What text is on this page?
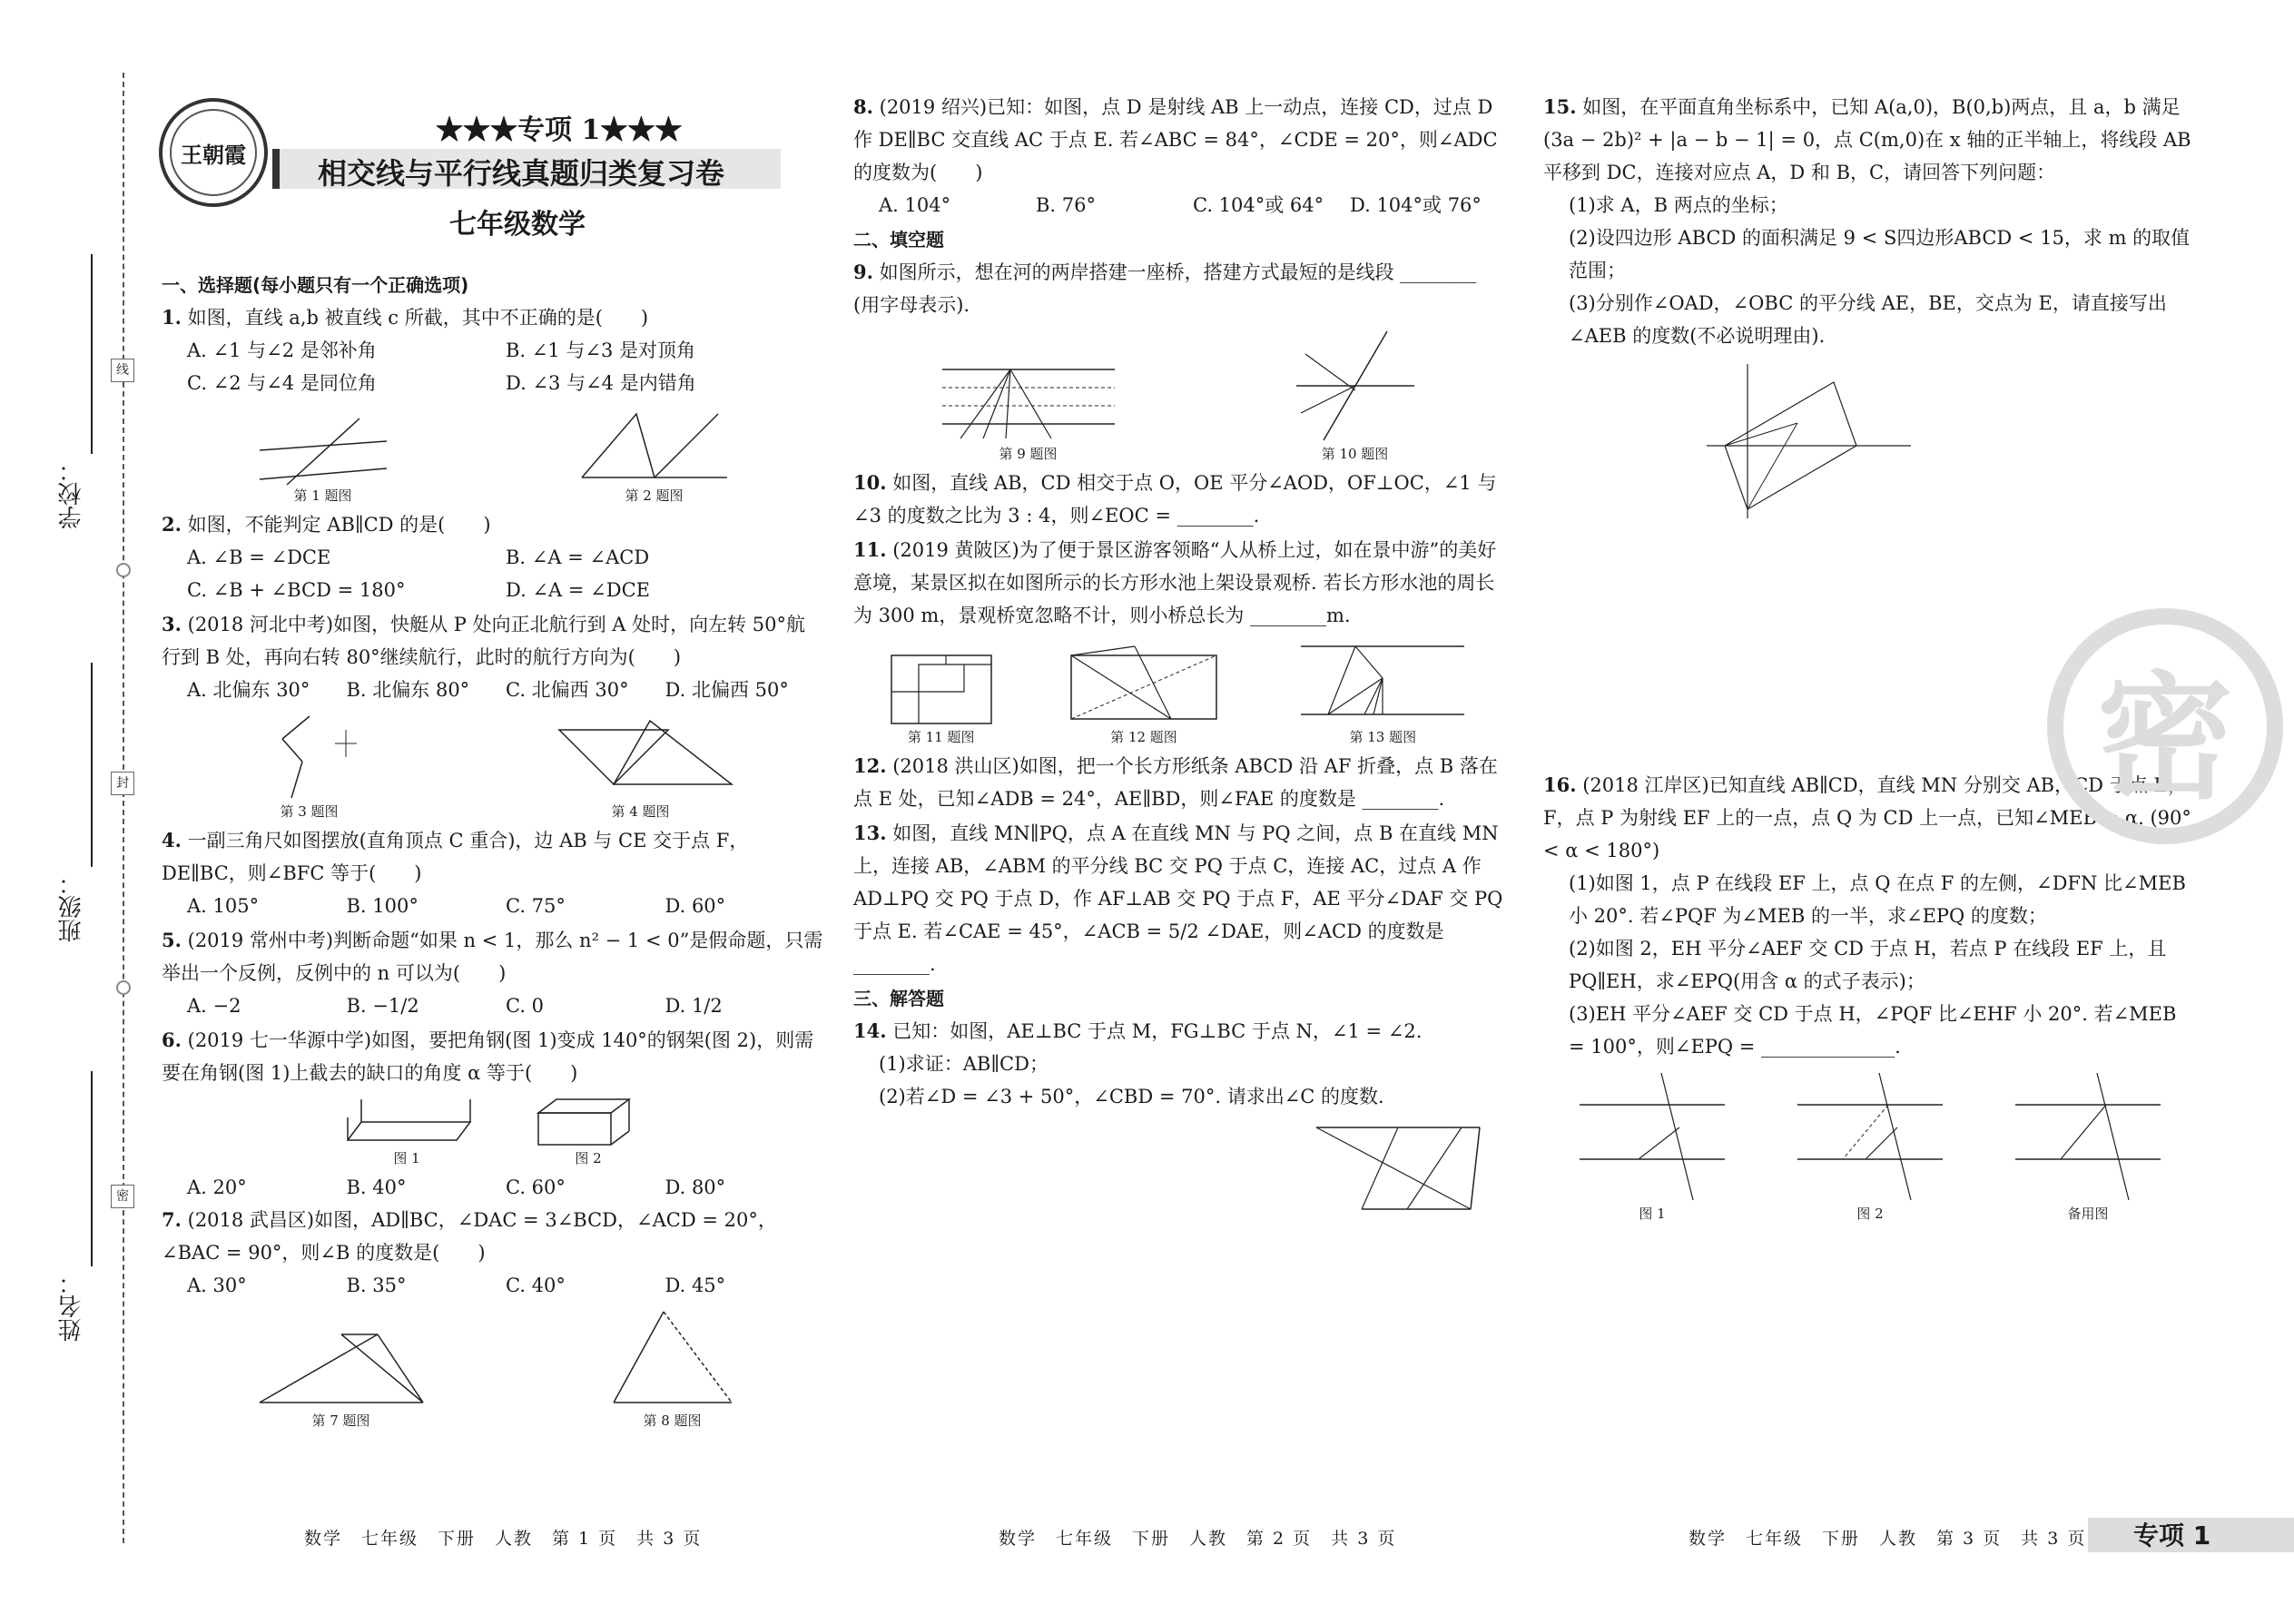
线
封
密
学校：
班级：
姓名：
王朝霞
★★★专项 1★★★
相交线与平行线真题归类复习卷
七年级数学
一、选择题(每小题只有一个正确选项)
1. 如图，直线 a,b 被直线 c 所截，其中不正确的是(　　)
A. ∠1 与∠2 是邻补角	B. ∠1 与∠3 是对顶角
C. ∠2 与∠4 是同位角	D. ∠3 与∠4 是内错角
第 1 题图	第 2 题图
2. 如图，不能判定 AB∥CD 的是(　　)
A. ∠B = ∠DCE	B. ∠A = ∠ACD
C. ∠B + ∠BCD = 180°	D. ∠A = ∠DCE
3. (2018 河北中考)如图，快艇从 P 处向正北航行到 A 处时，向左转 50°航行到 B 处，再向右转 80°继续航行，此时的航行方向为(　　)
A. 北偏东 30°	B. 北偏东 80°	C. 北偏西 30°	D. 北偏西 50°
第 3 题图	第 4 题图
4. 一副三角尺如图摆放(直角顶点 C 重合)，边 AB 与 CE 交于点 F，DE∥BC，则∠BFC 等于(　　)
A. 105°	B. 100°	C. 75°	D. 60°
5. (2019 常州中考)判断命题“如果 n < 1，那么 n² − 1 < 0”是假命题，只需举出一个反例，反例中的 n 可以为(　　)
A. −2	B. −1/2	C. 0	D. 1/2
6. (2019 七一华源中学)如图，要把角钢(图 1)变成 140°的钢架(图 2)，则需要在角钢(图 1)上截去的缺口的角度 α 等于(　　)
图 1	图 2
A. 20°	B. 40°	C. 60°	D. 80°
7. (2018 武昌区)如图，AD∥BC，∠DAC = 3∠BCD，∠ACD = 20°，∠BAC = 90°，则∠B 的度数是(　　)
A. 30°	B. 35°	C. 40°	D. 45°
第 7 题图	第 8 题图
8. (2019 绍兴)已知：如图，点 D 是射线 AB 上一动点，连接 CD，过点 D 作 DE∥BC 交直线 AC 于点 E. 若∠ABC = 84°，∠CDE = 20°，则∠ADC 的度数为(　　)
A. 104°	B. 76°	C. 104°或 64°	D. 104°或 76°
二、填空题
9. 如图所示，想在河的两岸搭建一座桥，搭建方式最短的是线段 ________ (用字母表示).
第 9 题图	第 10 题图
10. 如图，直线 AB，CD 相交于点 O，OE 平分∠AOD，OF⊥OC，∠1 与∠3 的度数之比为 3 : 4，则∠EOC = ________.
11. (2019 黄陂区)为了便于景区游客领略“人从桥上过，如在景中游”的美好意境，某景区拟在如图所示的长方形水池上架设景观桥. 若长方形水池的周长为 300 m，景观桥宽忽略不计，则小桥总长为 ________m.
第 11 题图	第 12 题图	第 13 题图
12. (2018 洪山区)如图，把一个长方形纸条 ABCD 沿 AF 折叠，点 B 落在点 E 处，已知∠ADB = 24°，AE∥BD，则∠FAE 的度数是 ________.
13. 如图，直线 MN∥PQ，点 A 在直线 MN 与 PQ 之间，点 B 在直线 MN 上，连接 AB，∠ABM 的平分线 BC 交 PQ 于点 C，连接 AC，过点 A 作 AD⊥PQ 交 PQ 于点 D，作 AF⊥AB 交 PQ 于点 F，AE 平分∠DAF 交 PQ 于点 E. 若∠CAE = 45°，∠ACB = 5/2 ∠DAE，则∠ACD 的度数是________.
三、解答题
14. 已知：如图，AE⊥BC 于点 M，FG⊥BC 于点 N，∠1 = ∠2.
(1)求证：AB∥CD；
(2)若∠D = ∠3 + 50°，∠CBD = 70°. 请求出∠C 的度数.
15. 如图，在平面直角坐标系中，已知 A(a,0)，B(0,b)两点，且 a，b 满足 (3a − 2b)² + |a − b − 1| = 0，点 C(m,0)在 x 轴的正半轴上，将线段 AB 平移到 DC，连接对应点 A，D 和 B，C，请回答下列问题：
(1)求 A，B 两点的坐标；
(2)设四边形 ABCD 的面积满足 9 < S四边形ABCD < 15，求 m 的取值范围；
(3)分别作∠OAD，∠OBC 的平分线 AE，BE，交点为 E，请直接写出∠AEB 的度数(不必说明理由).
16. (2018 江岸区)已知直线 AB∥CD，直线 MN 分别交 AB，CD 于点 E，F，点 P 为射线 EF 上的一点，点 Q 为 CD 上一点，已知∠MEB = α. (90° < α < 180°)
(1)如图 1，点 P 在线段 EF 上，点 Q 在点 F 的左侧，∠DFN 比∠MEB 小 20°. 若∠PQF 为∠MEB 的一半，求∠EPQ 的度数；
(2)如图 2，EH 平分∠AEF 交 CD 于点 H，若点 P 在线段 EF 上，且 PQ∥EH，求∠EPQ(用含 α 的式子表示)；
(3)EH 平分∠AEF 交 CD 于点 H，∠PQF 比∠EHF 小 20°. 若∠MEB = 100°，则∠EPQ = ______________.
图 1	图 2	备用图
密
数学　七年级　下册　人教　第 1 页　共 3 页	数学　七年级　下册　人教　第 2 页　共 3 页	数学　七年级　下册　人教　第 3 页　共 3 页 专项 1
